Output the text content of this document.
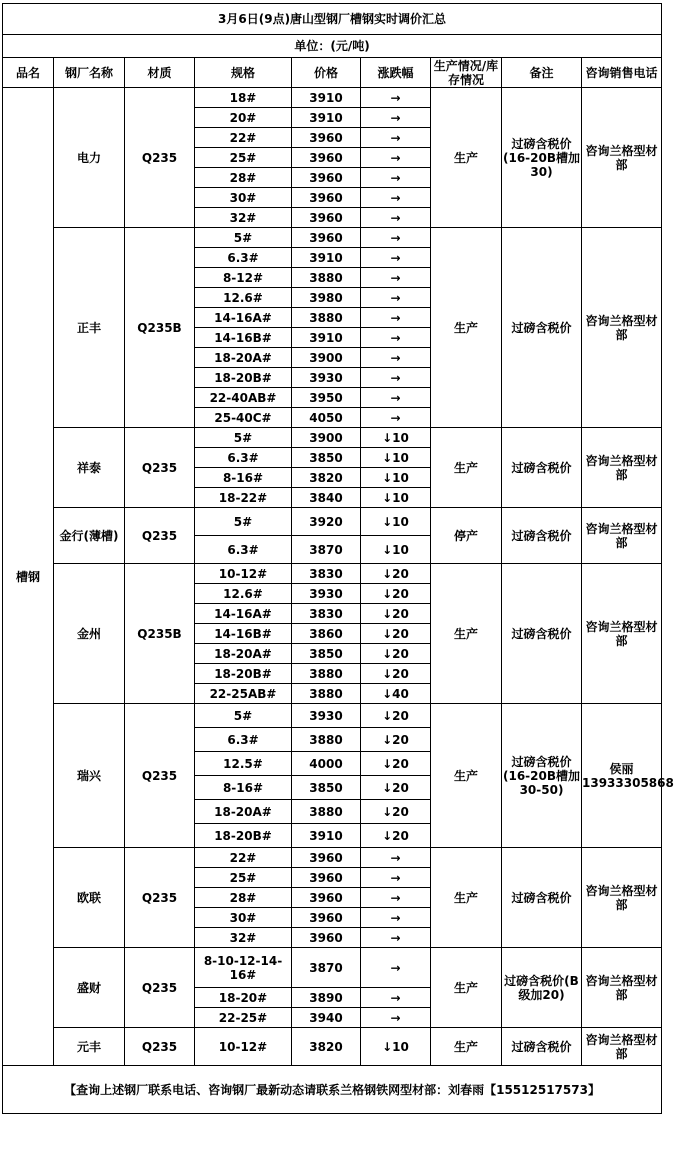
3月6日(9点)唐山型钢厂槽钢实时调价汇总								
单位：(元/吨)								
品名	钢厂名称	材质	规格	价格	涨跌幅	生产情况/库存情况	备注	咨询销售电话
槽钢	电力	Q235	18#	3910	→	生产	过磅含税价(16-20B槽加30)	咨询兰格型材部
			20#	3910	→			
			22#	3960	→			
			25#	3960	→			
			28#	3960	→			
			30#	3960	→			
			32#	3960	→			
	正丰	Q235B	5#	3960	→	生产	过磅含税价	咨询兰格型材部
			6.3#	3910	→			
			8-12#	3880	→			
			12.6#	3980	→			
			14-16A#	3880	→			
			14-16B#	3910	→			
			18-20A#	3900	→			
			18-20B#	3930	→			
			22-40AB#	3950	→			
			25-40C#	4050	→			
	祥泰	Q235	5#	3900	↓10	生产	过磅含税价	咨询兰格型材部
			6.3#	3850	↓10			
			8-16#	3820	↓10			
			18-22#	3840	↓10			
	金行(薄槽)	Q235	5#	3920	↓10	停产	过磅含税价	咨询兰格型材部
			6.3#	3870	↓10			
	金州	Q235B	10-12#	3830	↓20	生产	过磅含税价	咨询兰格型材部
			12.6#	3930	↓20			
			14-16A#	3830	↓20			
			14-16B#	3860	↓20			
			18-20A#	3850	↓20			
			18-20B#	3880	↓20			
			22-25AB#	3880	↓40			
	瑞兴	Q235	5#	3930	↓20	生产	过磅含税价(16-20B槽加30-50)	侯丽13933305868
			6.3#	3880	↓20			
			12.5#	4000	↓20			
			8-16#	3850	↓20			
			18-20A#	3880	↓20			
			18-20B#	3910	↓20			
	欧联	Q235	22#	3960	→	生产	过磅含税价	咨询兰格型材部
			25#	3960	→			
			28#	3960	→			
			30#	3960	→			
			32#	3960	→			
	盛财	Q235	8-10-12-14-16#	3870	→	生产	过磅含税价(B级加20)	咨询兰格型材部
			18-20#	3890	→			
			22-25#	3940	→			
	元丰	Q235	10-12#	3820	↓10	生产	过磅含税价	咨询兰格型材部
【查询上述钢厂联系电话、咨询钢厂最新动态请联系兰格钢铁网型材部：刘春雨【15512517573】								
